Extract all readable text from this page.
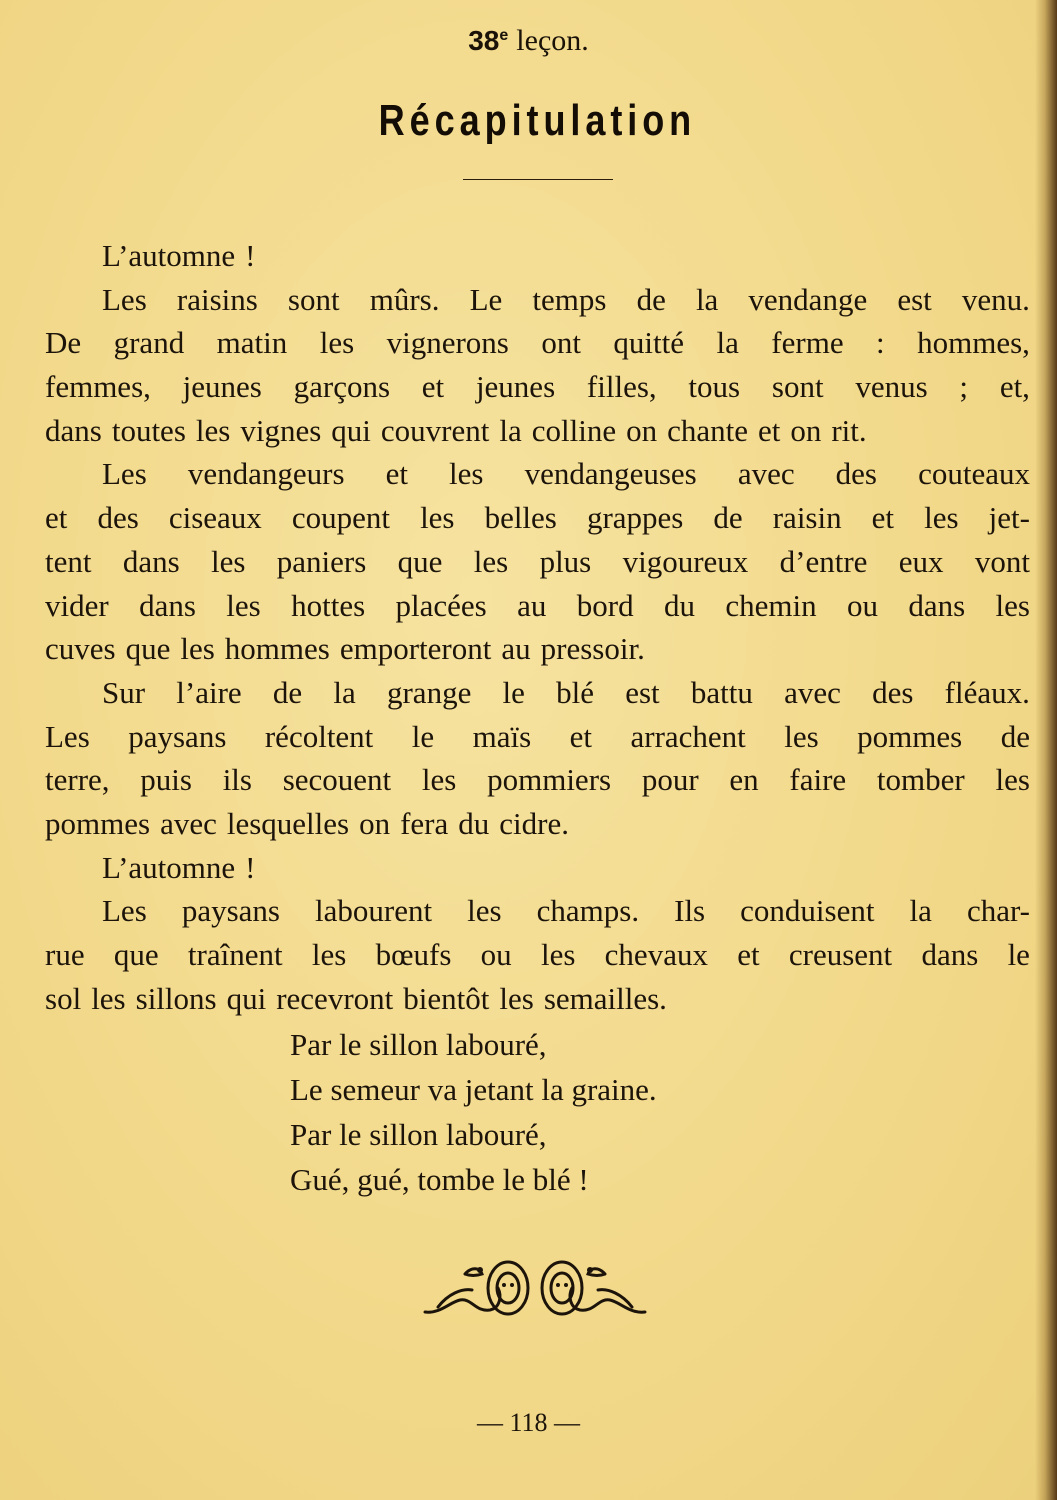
38e leçon.
Récapitulation
L’automne !
Les raisins sont mûrs. Le temps de la vendange est venu.
De grand matin les vignerons ont quitté la ferme : hommes,
femmes, jeunes garçons et jeunes filles, tous sont venus ; et,
dans toutes les vignes qui couvrent la colline on chante et on rit.
Les vendangeurs et les vendangeuses avec des couteaux
et des ciseaux coupent les belles grappes de raisin et les jet-
tent dans les paniers que les plus vigoureux d’entre eux vont
vider dans les hottes placées au bord du chemin ou dans les
cuves que les hommes emporteront au pressoir.
Sur l’aire de la grange le blé est battu avec des fléaux.
Les paysans récoltent le maïs et arrachent les pommes de
terre, puis ils secouent les pommiers pour en faire tomber les
pommes avec lesquelles on fera du cidre.
L’automne !
Les paysans labourent les champs. Ils conduisent la char-
rue que traînent les bœufs ou les chevaux et creusent dans le
sol les sillons qui recevront bientôt les semailles.
Par le sillon labouré,
Le semeur va jetant la graine.
Par le sillon labouré,
Gué, gué, tombe le blé !
— 118 —
